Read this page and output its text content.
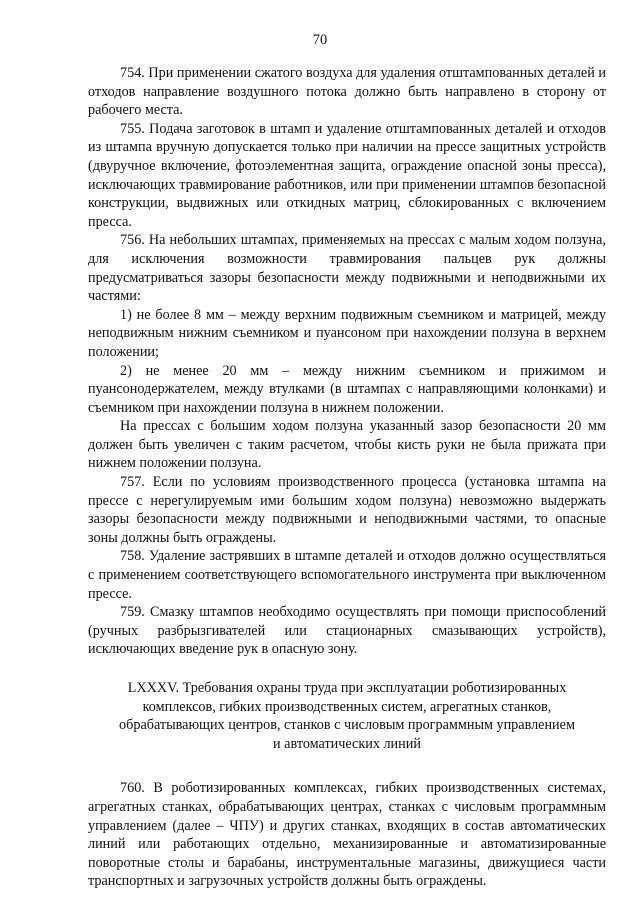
70

754. При применении сжатого воздуха для удаления отштампованных деталей и отходов направление воздушного потока должно быть направлено в сторону от рабочего места.

755. Подача заготовок в штамп и удаление отштампованных деталей и отходов из штампа вручную допускается только при наличии на прессе защитных устройств (двуручное включение, фотоэлементная защита, ограждение опасной зоны пресса), исключающих травмирование работников, или при применении штампов безопасной конструкции, выдвижных или откидных матриц, сблокированных с включением пресса.

756. На небольших штампах, применяемых на прессах с малым ходом ползуна, для исключения возможности травмирования пальцев рук должны предусматриваться зазоры безопасности между подвижными и неподвижными их частями:

1) не более 8 мм – между верхним подвижным съемником и матрицей, между неподвижным нижним съемником и пуансоном при нахождении ползуна в верхнем положении;

2) не менее 20 мм – между нижним съемником и прижимом и пуансонодержателем, между втулками (в штампах с направляющими колонками) и съемником при нахождении ползуна в нижнем положении.

На прессах с большим ходом ползуна указанный зазор безопасности 20 мм должен быть увеличен с таким расчетом, чтобы кисть руки не была прижата при нижнем положении ползуна.

757. Если по условиям производственного процесса (установка штампа на прессе с нерегулируемым ими большим ходом ползуна) невозможно выдержать зазоры безопасности между подвижными и неподвижными частями, то опасные зоны должны быть ограждены.

758. Удаление застрявших в штампе деталей и отходов должно осуществляться с применением соответствующего вспомогательного инструмента при выключенном прессе.

759. Смазку штампов необходимо осуществлять при помощи приспособлений (ручных разбрызгивателей или стационарных смазывающих устройств), исключающих введение рук в опасную зону.

LXXXV. Требования охраны труда при эксплуатации роботизированных
комплексов, гибких производственных систем, агрегатных станков,
обрабатывающих центров, станков с числовым программным управлением
и автоматических линий

760. В роботизированных комплексах, гибких производственных системах, агрегатных станках, обрабатывающих центрах, станках с числовым программным управлением (далее – ЧПУ) и других станках, входящих в состав автоматических линий или работающих отдельно, механизированные и автоматизированные поворотные столы и барабаны, инструментальные магазины, движущиеся части транспортных и загрузочных устройств должны быть ограждены.
